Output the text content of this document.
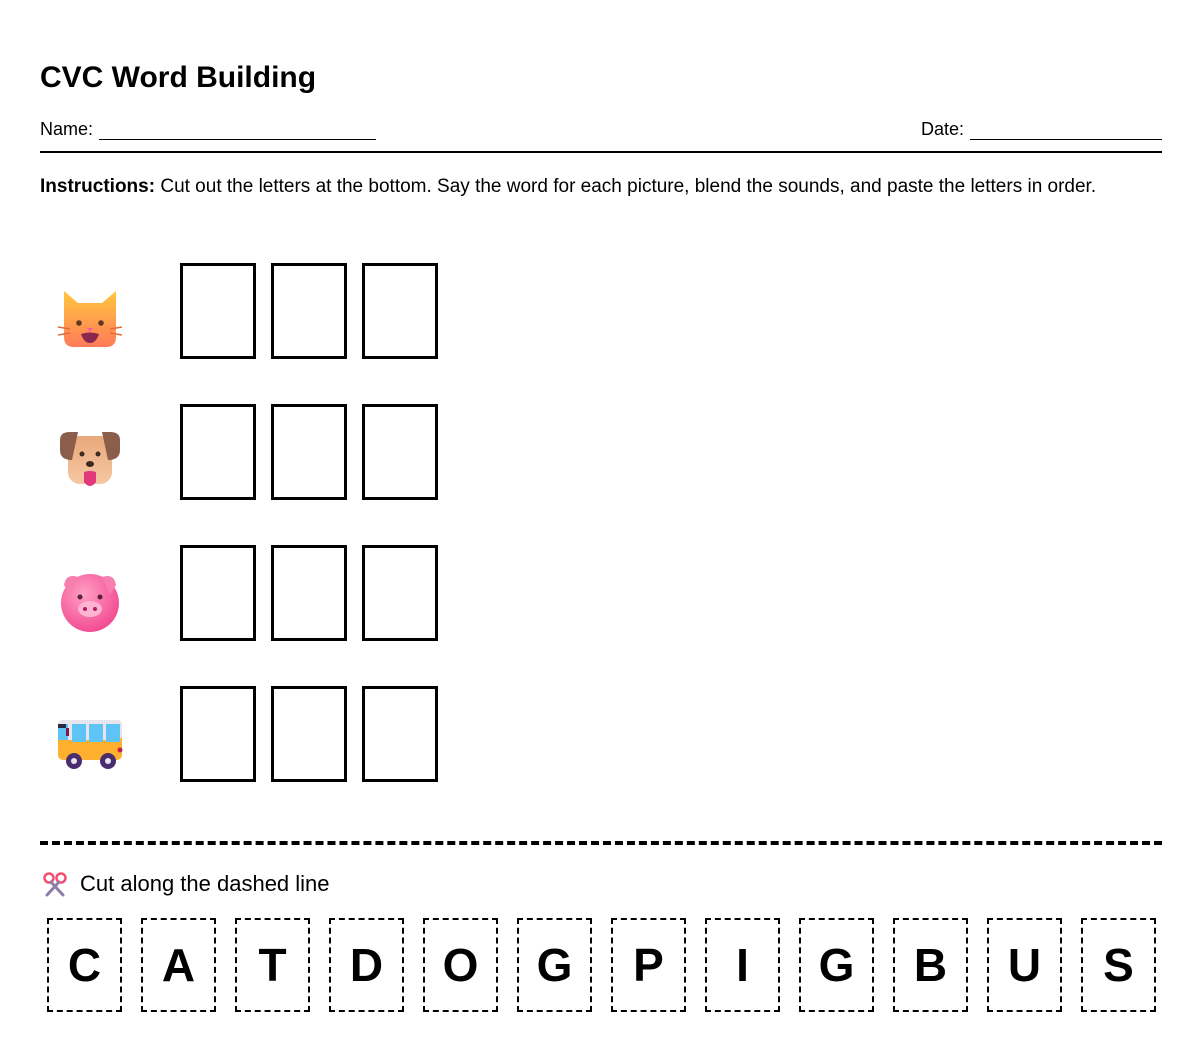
CVC Word Building
Name:	Date:
Instructions: Cut out the letters at the bottom. Say the word for each picture, blend the sounds, and paste the letters in order.
Cut along the dashed line
C	A	T	D	O	G	P	I	G	B	U	S
